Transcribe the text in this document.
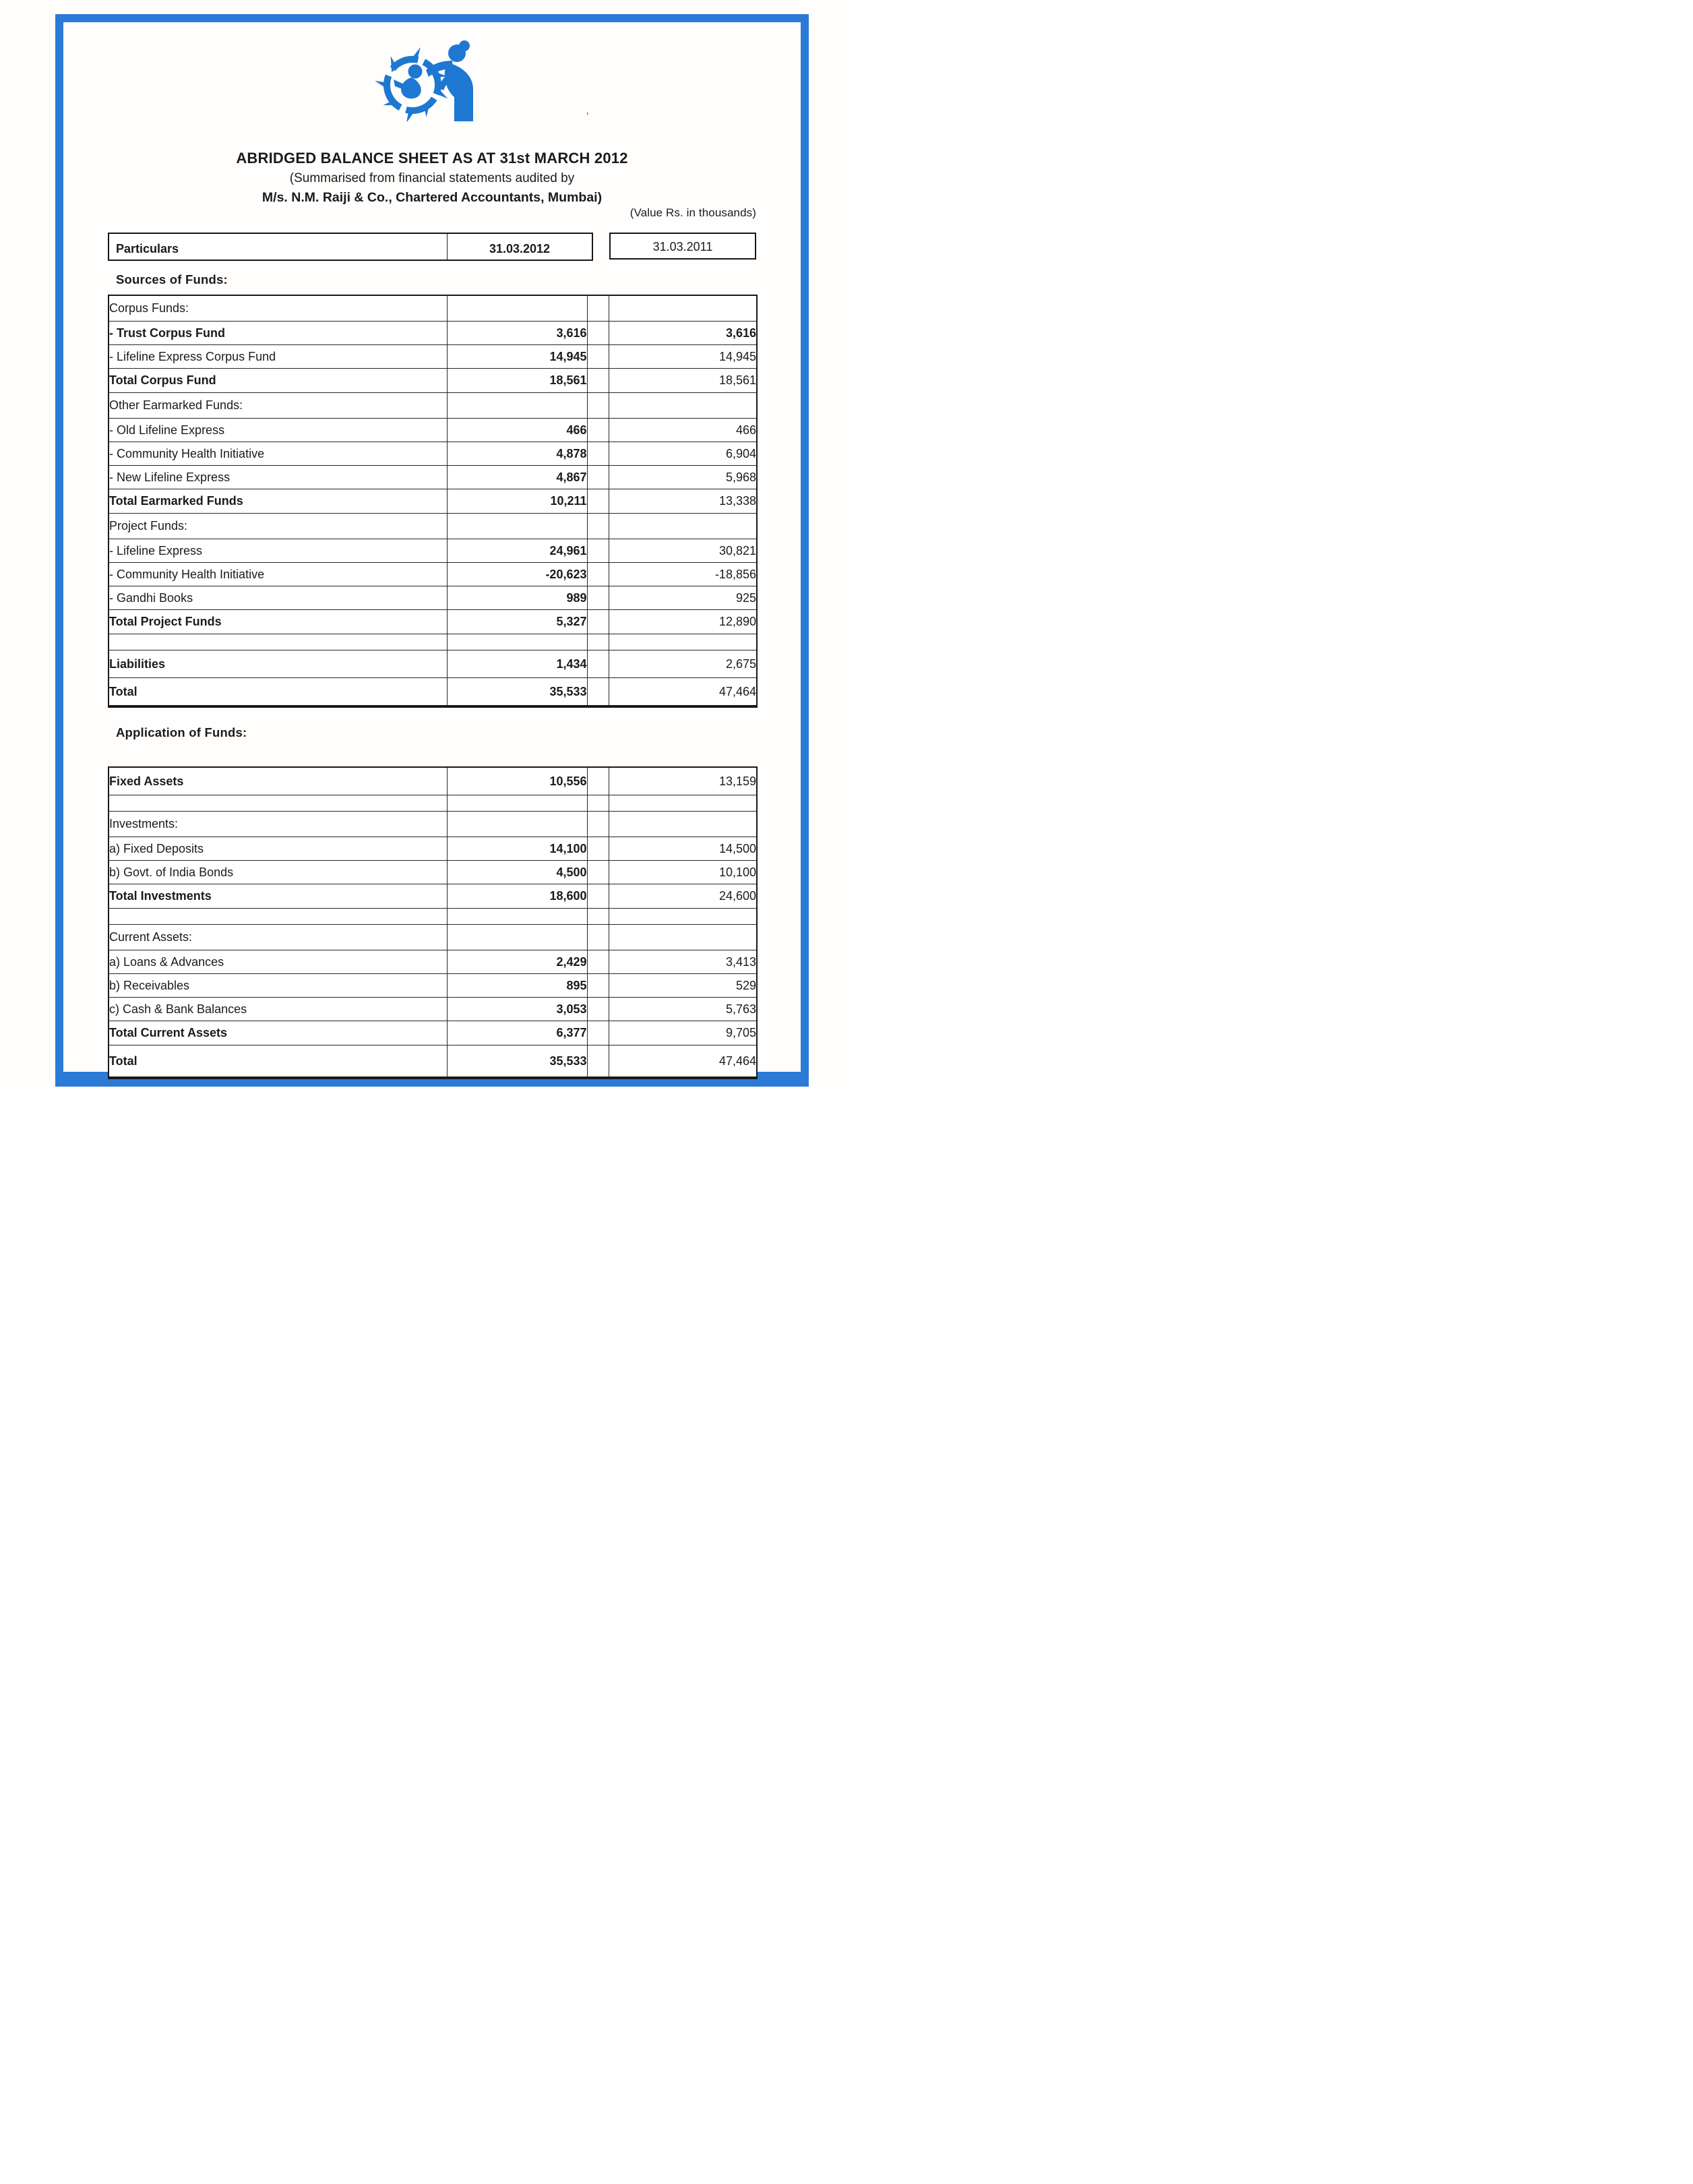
’
ABRIDGED BALANCE SHEET AS AT 31st MARCH 2012
(Summarised from financial statements audited by
M/s. N.M. Raiji & Co., Chartered Accountants, Mumbai)
(Value Rs. in thousands)
Particulars	31.03.2012	31.03.2011
Sources of Funds:
Application of Funds:
Corpus Funds:			
- Trust Corpus Fund	3,616		3,616
- Lifeline Express Corpus Fund	14,945		14,945
Total Corpus Fund	18,561		18,561
Other Earmarked Funds:			
- Old Lifeline Express	466		466
- Community Health Initiative	4,878		6,904
- New Lifeline Express	4,867		5,968
Total Earmarked Funds	10,211		13,338
Project Funds:			
- Lifeline Express	24,961		30,821
- Community Health Initiative	-20,623		-18,856
- Gandhi Books	989		925
Total Project Funds	5,327		12,890

Liabilities	1,434		2,675
Total	35,533		47,464
Fixed Assets	10,556		13,159

Investments:			
a) Fixed Deposits	14,100		14,500
b) Govt. of India Bonds	4,500		10,100
Total Investments	18,600		24,600

Current Assets:			
a) Loans & Advances	2,429		3,413
b) Receivables	895		529
c) Cash & Bank Balances	3,053		5,763
Total Current Assets	6,377		9,705
Total	35,533		47,464
